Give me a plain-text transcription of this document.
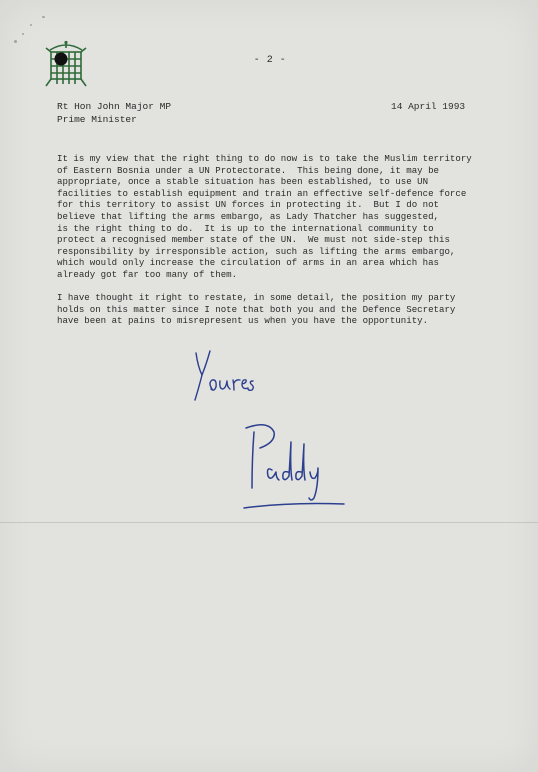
- 2 -
Rt Hon John Major MP
Prime Minister
14 April 1993
It is my view that the right thing to do now is to take the Muslim territory
of Eastern Bosnia under a UN Protectorate.  This being done, it may be
appropriate, once a stable situation has been established, to use UN
facilities to establish equipment and train an effective self-defence force
for this territory to assist UN forces in protecting it.  But I do not
believe that lifting the arms embargo, as Lady Thatcher has suggested,
is the right thing to do.  It is up to the international community to
protect a recognised member state of the UN.  We must not side-step this
responsibility by irresponsible action, such as lifting the arms embargo,
which would only increase the circulation of arms in an area which has
already got far too many of them.
I have thought it right to restate, in some detail, the position my party
holds on this matter since I note that both you and the Defence Secretary
have been at pains to misrepresent us when you have the opportunity.
